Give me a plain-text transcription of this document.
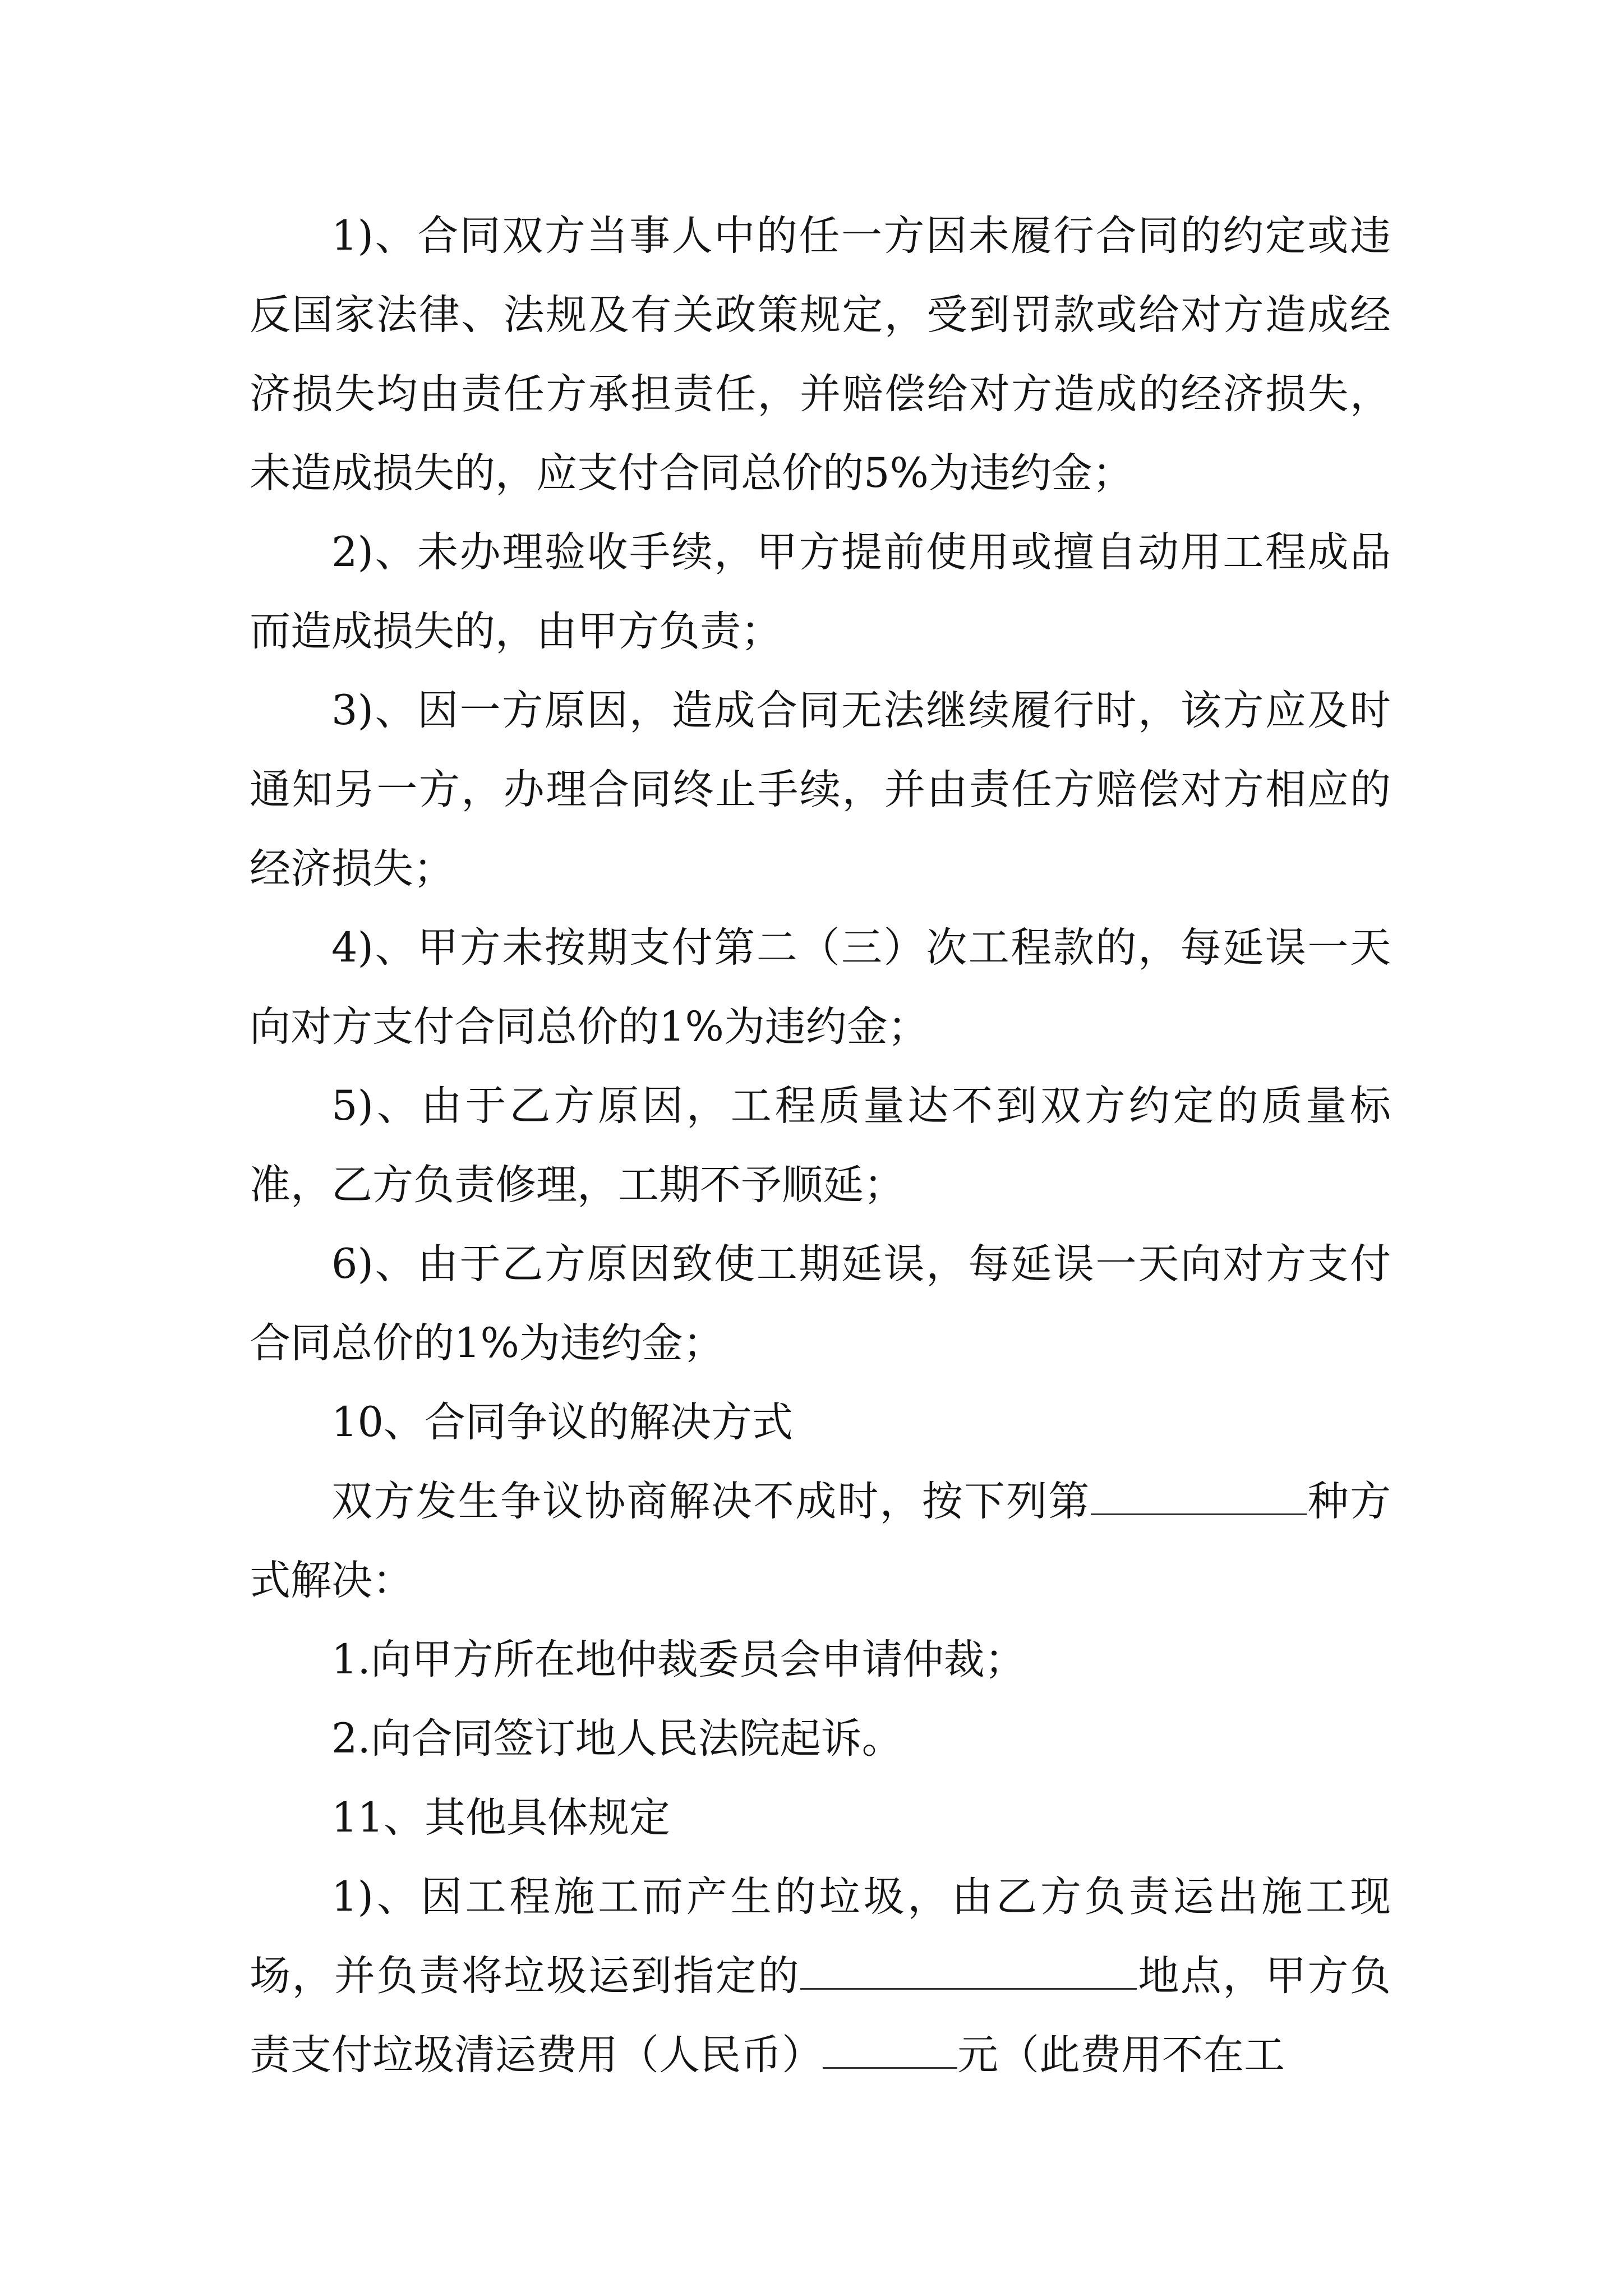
1)、合同双方当事人中的任一方因未履行合同的约定或违反国家法律、法规及有关政策规定，受到罚款或给对方造成经济损失均由责任方承担责任，并赔偿给对方造成的经济损失，未造成损失的，应支付合同总价的5%为违约金；

2)、未办理验收手续，甲方提前使用或擅自动用工程成品而造成损失的，由甲方负责；

3)、因一方原因，造成合同无法继续履行时，该方应及时通知另一方，办理合同终止手续，并由责任方赔偿对方相应的经济损失；

4)、甲方未按期支付第二（三）次工程款的，每延误一天向对方支付合同总价的1%为违约金；

5)、由于乙方原因，工程质量达不到双方约定的质量标准，乙方负责修理，工期不予顺延；

6)、由于乙方原因致使工期延误，每延误一天向对方支付合同总价的1%为违约金；

10、合同争议的解决方式

双方发生争议协商解决不成时，按下列第	种方式解决：

1.向甲方所在地仲裁委员会申请仲裁；

2.向合同签订地人民法院起诉。

11、其他具体规定

1)、因工程施工而产生的垃圾，由乙方负责运出施工现场，并负责将垃圾运到指定的	地点，甲方负责支付垃圾清运费用（人民币）	元（此费用不在工
